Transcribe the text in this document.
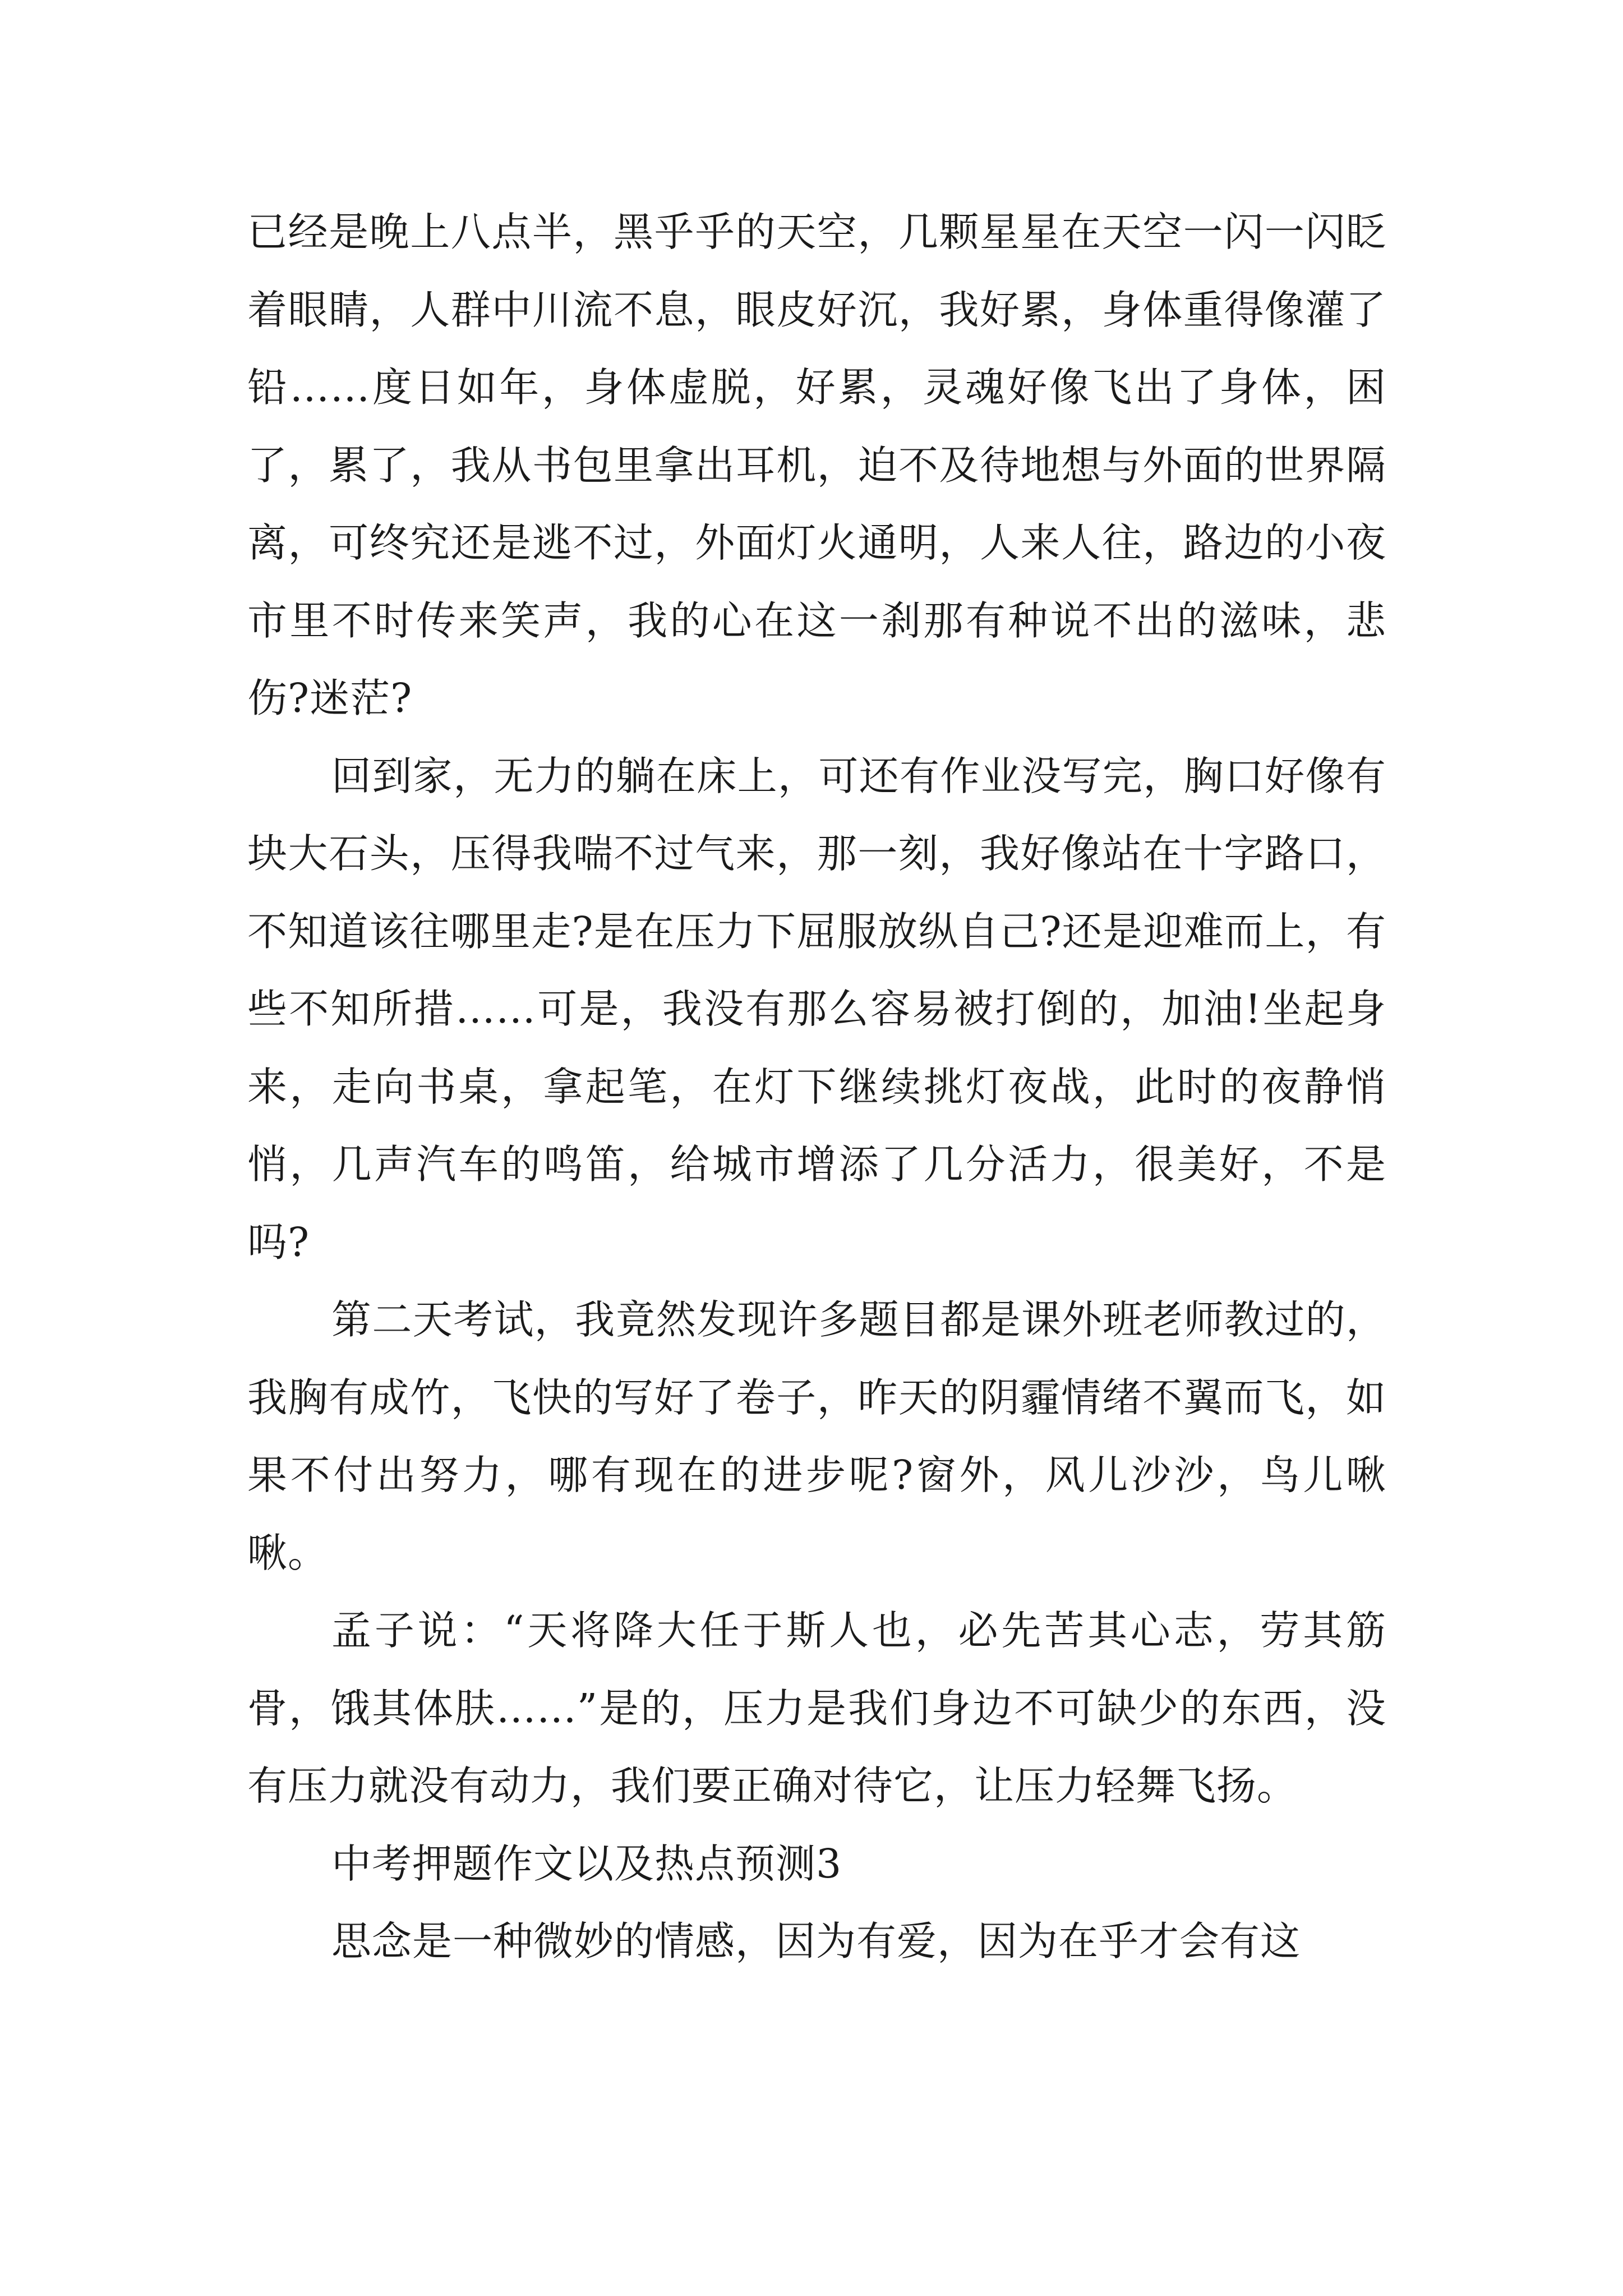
已经是晚上八点半，黑乎乎的天空，几颗星星在天空一闪一闪眨着眼睛，人群中川流不息，眼皮好沉，我好累，身体重得像灌了铅……度日如年，身体虚脱，好累，灵魂好像飞出了身体，困了，累了，我从书包里拿出耳机，迫不及待地想与外面的世界隔离，可终究还是逃不过，外面灯火通明，人来人往，路边的小夜市里不时传来笑声，我的心在这一刹那有种说不出的滋味，悲伤?迷茫?

回到家，无力的躺在床上，可还有作业没写完，胸口好像有块大石头，压得我喘不过气来，那一刻，我好像站在十字路口，不知道该往哪里走?是在压力下屈服放纵自己?还是迎难而上，有些不知所措……可是，我没有那么容易被打倒的，加油!坐起身来，走向书桌，拿起笔，在灯下继续挑灯夜战，此时的夜静悄悄，几声汽车的鸣笛，给城市增添了几分活力，很美好，不是吗?

第二天考试，我竟然发现许多题目都是课外班老师教过的，我胸有成竹，飞快的写好了卷子，昨天的阴霾情绪不翼而飞，如果不付出努力，哪有现在的进步呢?窗外，风儿沙沙，鸟儿啾啾。

孟子说：“天将降大任于斯人也，必先苦其心志，劳其筋骨，饿其体肤……”是的，压力是我们身边不可缺少的东西，没有压力就没有动力，我们要正确对待它，让压力轻舞飞扬。

中考押题作文以及热点预测3

思念是一种微妙的情感，因为有爱，因为在乎才会有这
